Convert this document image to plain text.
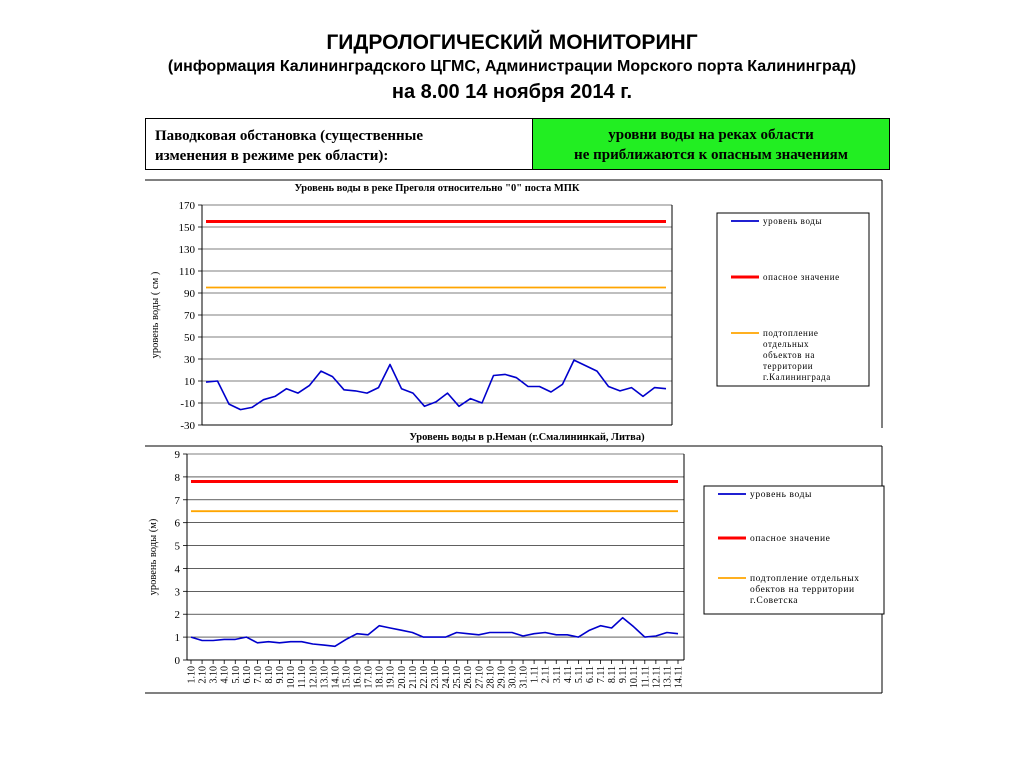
ГИДРОЛОГИЧЕСКИЙ МОНИТОРИНГ
(информация Калининградского ЦГМС, Администрации Морского порта Калининград)
на 8.00 14 ноября 2014 г.
Паводковая обстановка (существенные
изменения в режиме рек области):
уровни воды на реках области
не приближаются к опасным значениям
Уровень воды в реке Преголя относительно "0" поста МПК
-30
-10
10
30
50
70
90
110
130
150
170
уровень воды ( см )
уровень воды
опасное значение
подтопление
отдельных
объектов на
территории
г.Калининграда
Уровень воды в р.Неман (г.Смалининкай, Литва)
0
1
2
3
4
5
6
7
8
9
уровень воды (м)
1.10 2.10 3.10 4.10 5.10 6.10 7.10 8.10 9.10 10.10 11.10 12.10 13.10 14.10 15.10 16.10 17.10 18.10 19.10 20.10 21.10 22.10 23.10 24.10 25.10 26.10 27.10 28.10 29.10 30.10 31.10 1.11 2.11 3.11 4.11 5.11 6.11 7.11 8.11 9.11 10.11 11.11 12.11 13.11 14.11
уровень воды
опасное значение
подтопление отдельных
обектов на территории
г.Советска
